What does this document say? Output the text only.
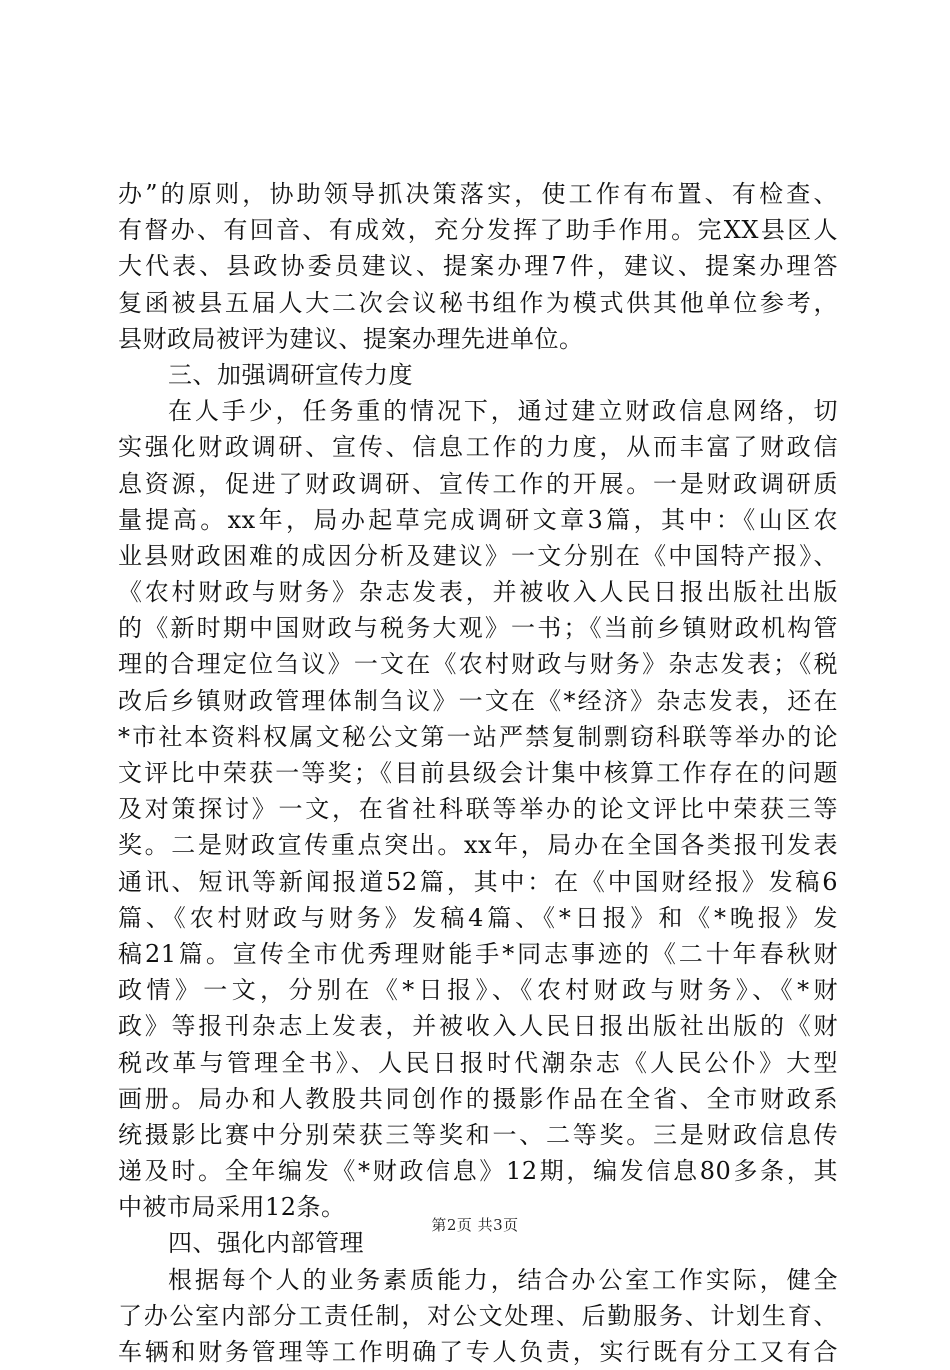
办”的原则，协助领导抓决策落实，使工作有布置、有检查、
有督办、有回音、有成效，充分发挥了助手作用。完XX县区人
大代表、县政协委员建议、提案办理7件，建议、提案办理答
复函被县五届人大二次会议秘书组作为模式供其他单位参考，
县财政局被评为建议、提案办理先进单位。
三、加强调研宣传力度
在人手少，任务重的情况下，通过建立财政信息网络，切
实强化财政调研、宣传、信息工作的力度，从而丰富了财政信
息资源，促进了财政调研、宣传工作的开展。一是财政调研质
量提高。xx年，局办起草完成调研文章3篇，其中：《山区农
业县财政困难的成因分析及建议》一文分别在《中国特产报》、
《农村财政与财务》杂志发表，并被收入人民日报出版社出版
的《新时期中国财政与税务大观》一书；《当前乡镇财政机构管
理的合理定位刍议》一文在《农村财政与财务》杂志发表；《税
改后乡镇财政管理体制刍议》一文在《*经济》杂志发表，还在
*市社本资料权属文秘公文第一站严禁复制剽窃科联等举办的论
文评比中荣获一等奖；《目前县级会计集中核算工作存在的问题
及对策探讨》一文，在省社科联等举办的论文评比中荣获三等
奖。二是财政宣传重点突出。xx年，局办在全国各类报刊发表
通讯、短讯等新闻报道52篇，其中：在《中国财经报》发稿6
篇、《农村财政与财务》发稿4篇、《*日报》和《*晚报》发
稿21篇。宣传全市优秀理财能手*同志事迹的《二十年春秋财
政情》一文，分别在《*日报》、《农村财政与财务》、《*财
政》等报刊杂志上发表，并被收入人民日报出版社出版的《财
税改革与管理全书》、人民日报时代潮杂志《人民公仆》大型
画册。局办和人教股共同创作的摄影作品在全省、全市财政系
统摄影比赛中分别荣获三等奖和一、二等奖。三是财政信息传
递及时。全年编发《*财政信息》12期，编发信息80多条，其
中被市局采用12条。
四、强化内部管理
根据每个人的业务素质能力，结合办公室工作实际，健全
了办公室内部分工责任制，对公文处理、后勤服务、计划生育、
车辆和财务管理等工作明确了专人负责，实行既有分工又有合
第2页 共3页
